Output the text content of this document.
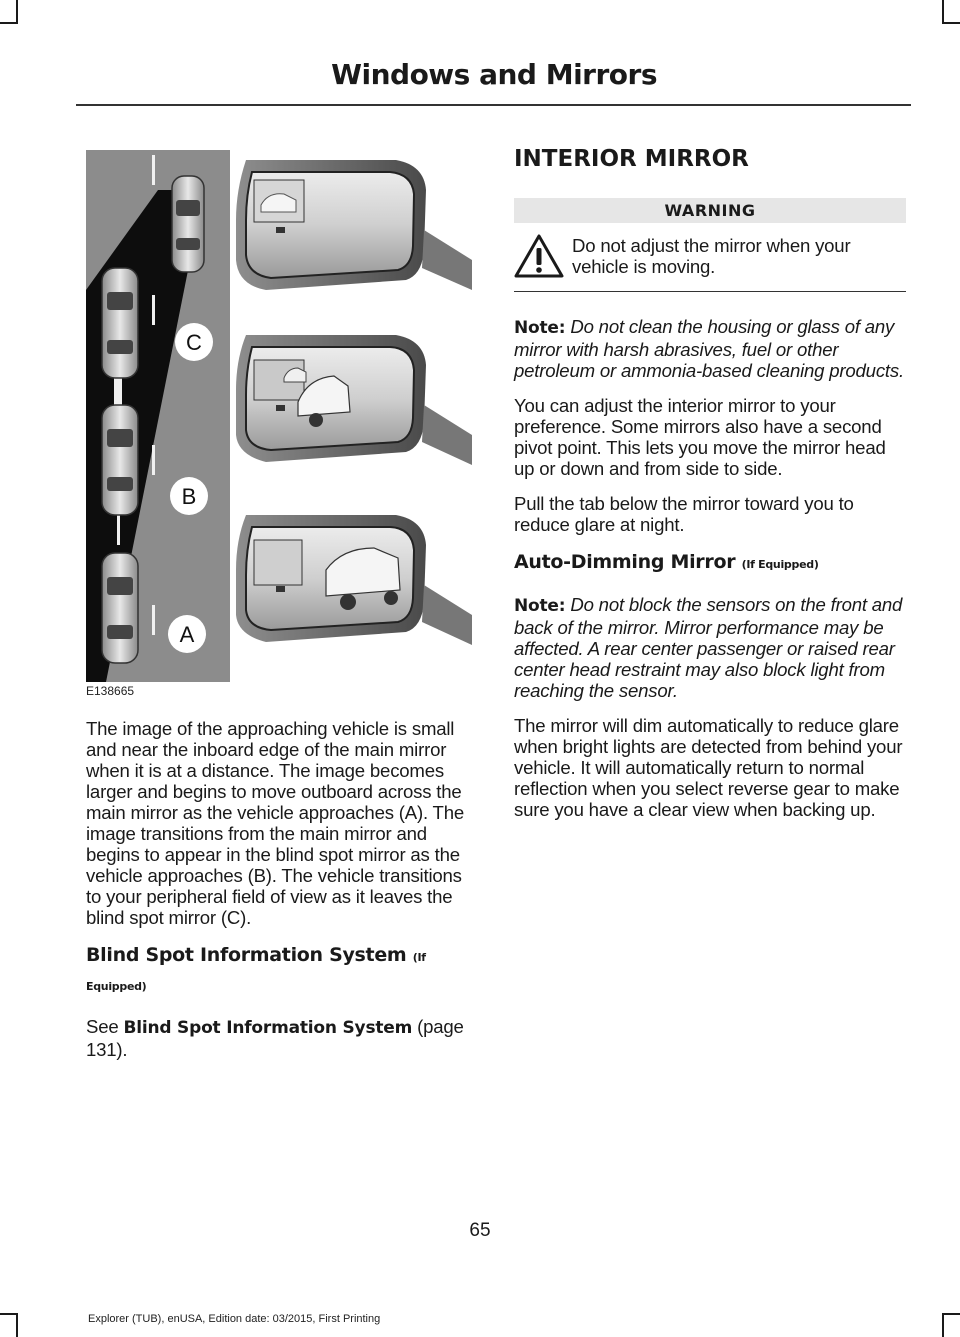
Windows and Mirrors
C
B
A
E138665

The image of the approaching vehicle is small and near the inboard edge of the main mirror when it is at a distance. The image becomes larger and begins to move outboard across the main mirror as the vehicle approaches (A). The image transitions from the main mirror and begins to appear in the blind spot mirror as the vehicle approaches (B). The vehicle transitions to your peripheral field of view as it leaves the blind spot mirror (C).

Blind Spot Information System (If Equipped)

See Blind Spot Information System (page 131).

INTERIOR MIRROR
WARNING
Do not adjust the mirror when your vehicle is moving.

Note: Do not clean the housing or glass of any mirror with harsh abrasives, fuel or other petroleum or ammonia-based cleaning products.

You can adjust the interior mirror to your preference. Some mirrors also have a second pivot point. This lets you move the mirror head up or down and from side to side.

Pull the tab below the mirror toward you to reduce glare at night.

Auto-Dimming Mirror (If Equipped)

Note: Do not block the sensors on the front and back of the mirror. Mirror performance may be affected. A rear center passenger or raised rear center head restraint may also block light from reaching the sensor.

The mirror will dim automatically to reduce glare when bright lights are detected from behind your vehicle. It will automatically return to normal reflection when you select reverse gear to make sure you have a clear view when backing up.

65
Explorer (TUB), enUSA, Edition date: 03/2015, First Printing
